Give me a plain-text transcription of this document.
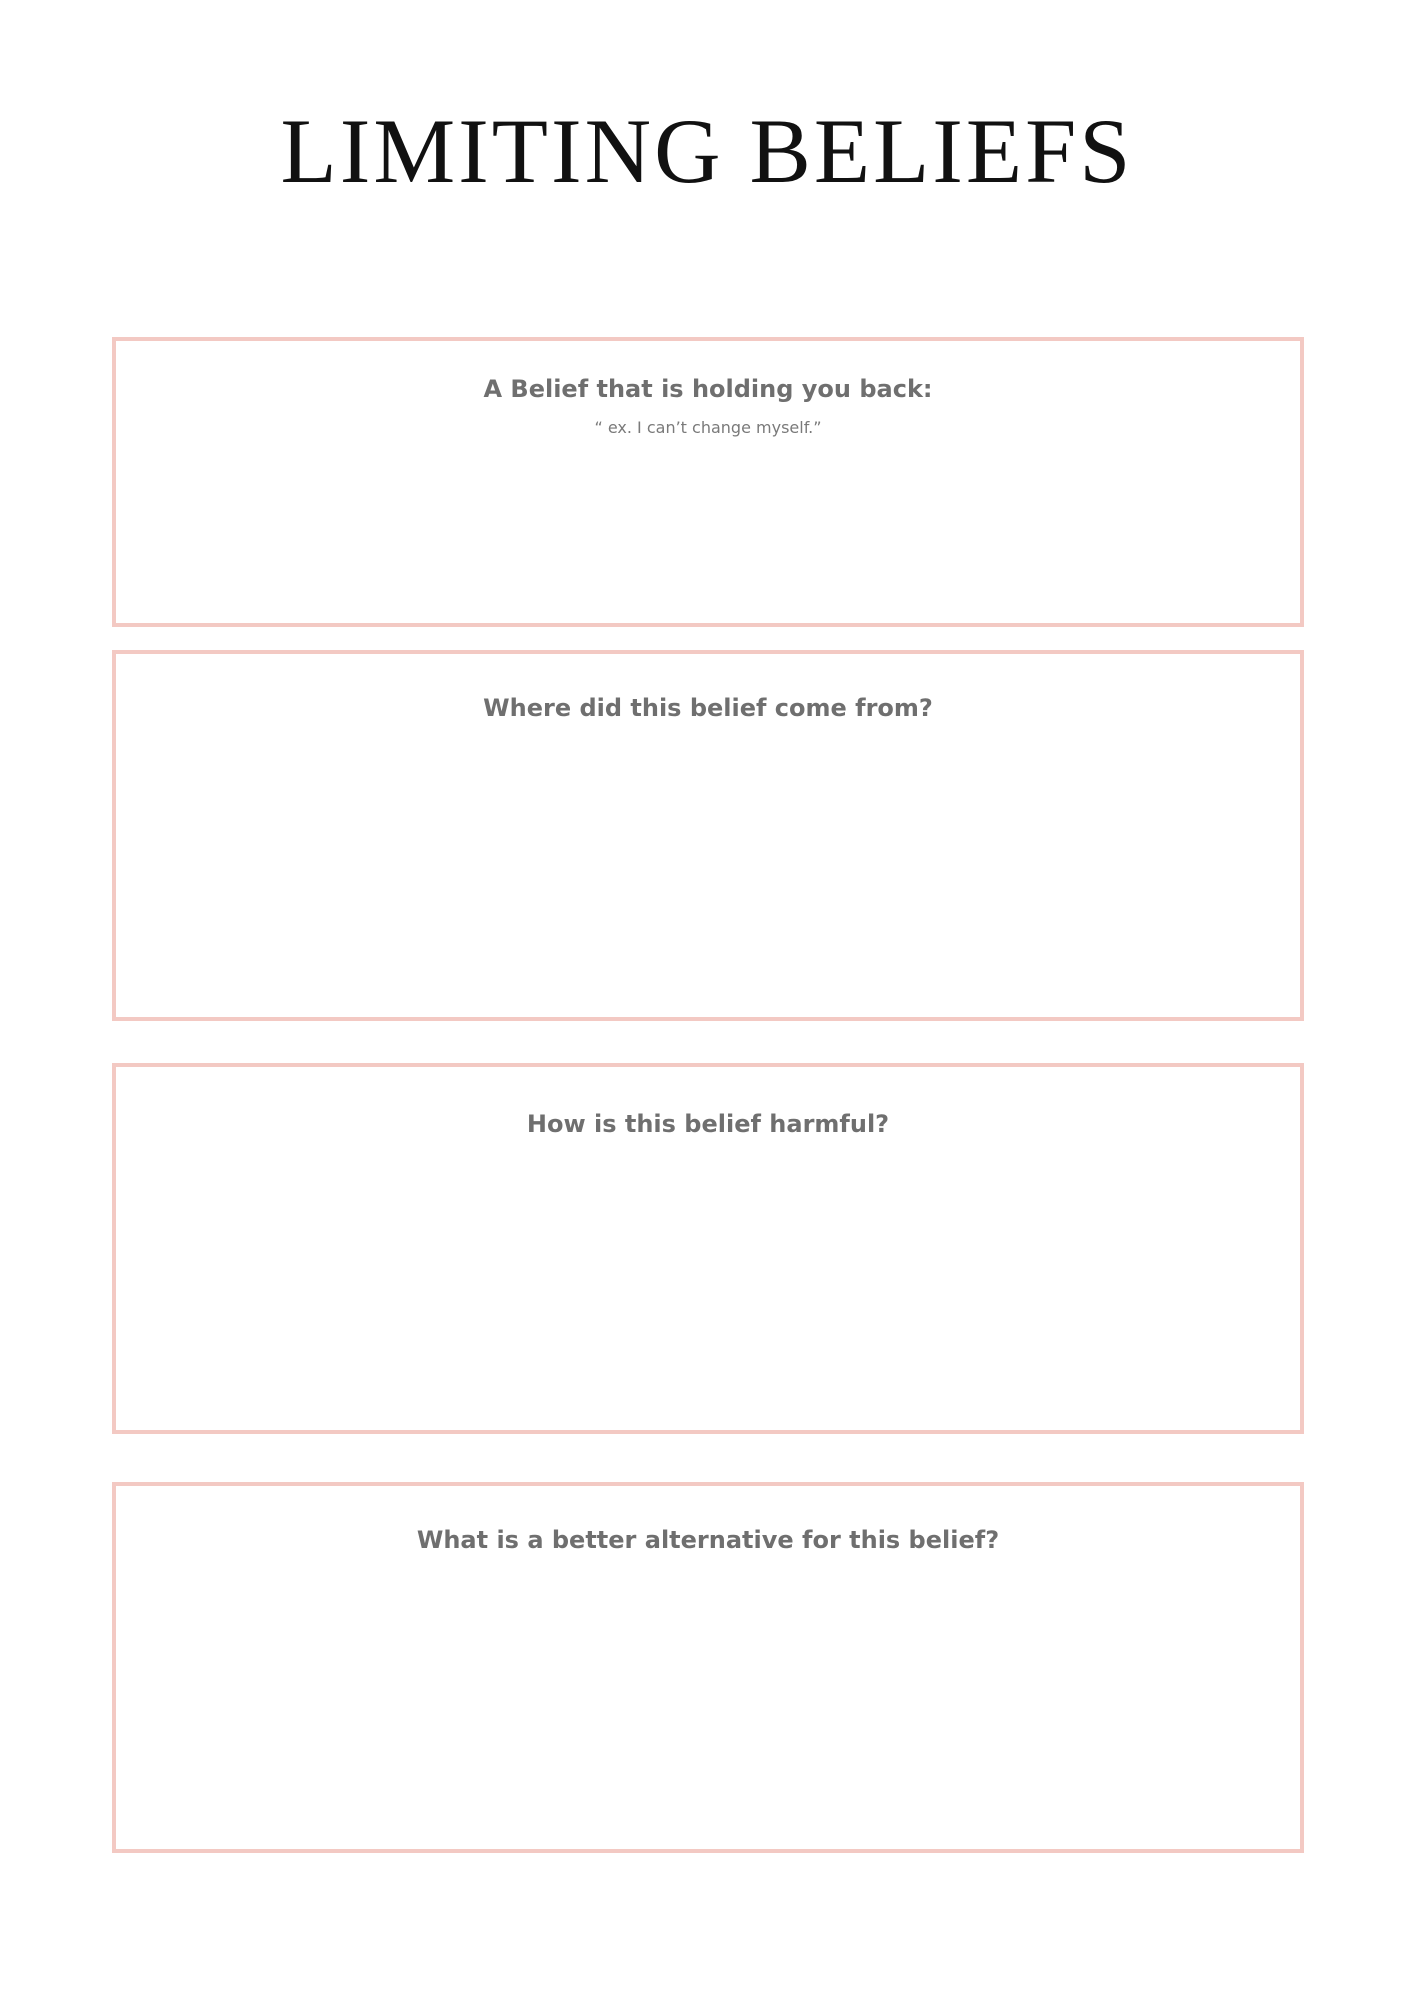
LIMITING BELIEFS

A Belief that is holding you back:

“ ex. I can’t change myself.”

Where did this belief come from?

How is this belief harmful?

What is a better alternative for this belief?
